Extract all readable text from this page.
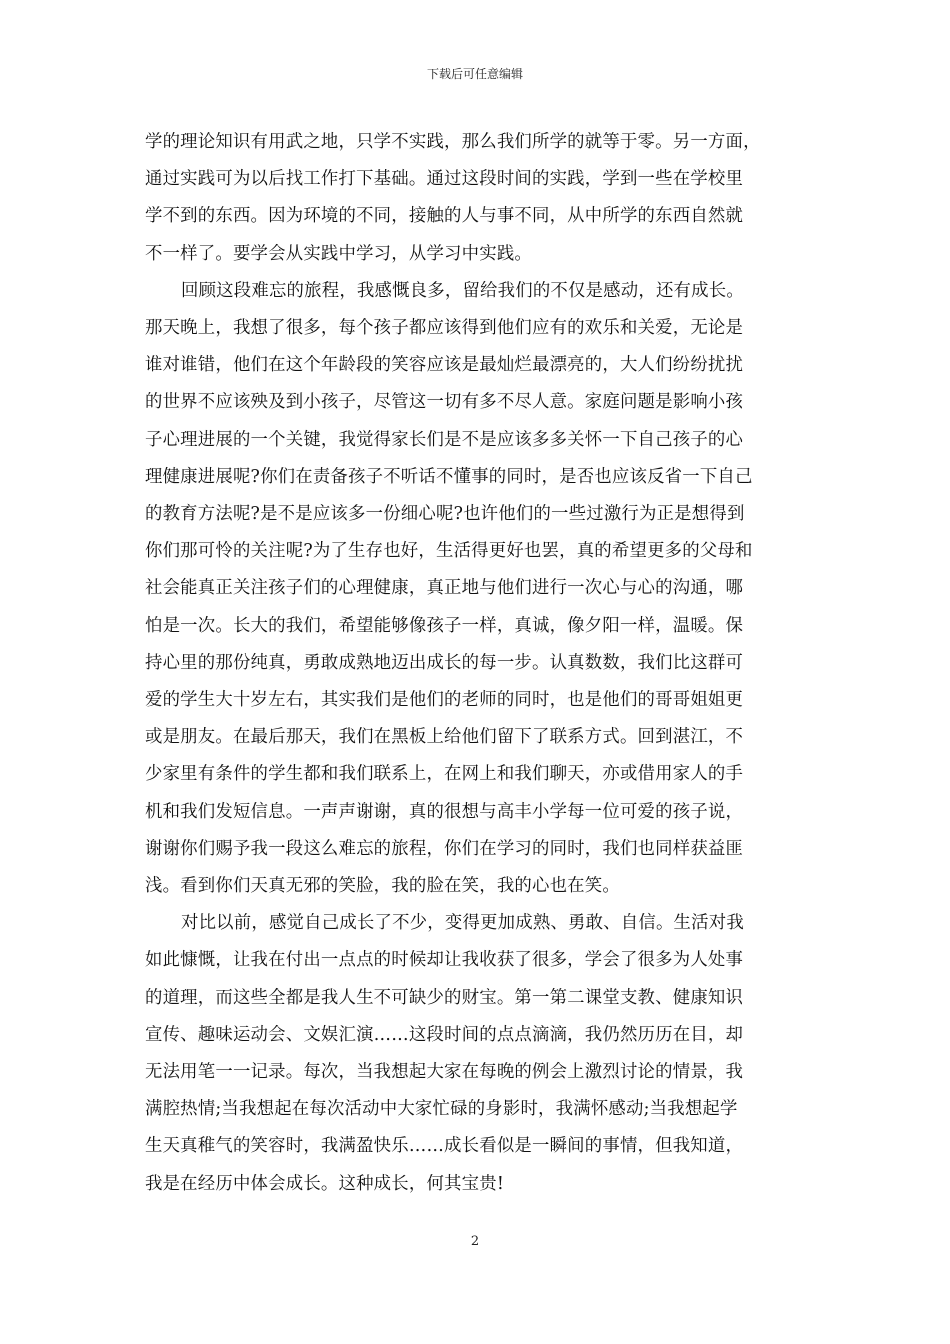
下载后可任意编辑
学的理论知识有用武之地，只学不实践，那么我们所学的就等于零。另一方面，
通过实践可为以后找工作打下基础。通过这段时间的实践，学到一些在学校里
学不到的东西。因为环境的不同，接触的人与事不同，从中所学的东西自然就
不一样了。要学会从实践中学习，从学习中实践。
回顾这段难忘的旅程，我感慨良多，留给我们的不仅是感动，还有成长。
那天晚上，我想了很多，每个孩子都应该得到他们应有的欢乐和关爱，无论是
谁对谁错，他们在这个年龄段的笑容应该是最灿烂最漂亮的，大人们纷纷扰扰
的世界不应该殃及到小孩子，尽管这一切有多不尽人意。家庭问题是影响小孩
子心理进展的一个关键，我觉得家长们是不是应该多多关怀一下自己孩子的心
理健康进展呢?你们在责备孩子不听话不懂事的同时，是否也应该反省一下自己
的教育方法呢?是不是应该多一份细心呢?也许他们的一些过激行为正是想得到
你们那可怜的关注呢?为了生存也好，生活得更好也罢，真的希望更多的父母和
社会能真正关注孩子们的心理健康，真正地与他们进行一次心与心的沟通，哪
怕是一次。长大的我们，希望能够像孩子一样，真诚，像夕阳一样，温暖。保
持心里的那份纯真，勇敢成熟地迈出成长的每一步。认真数数，我们比这群可
爱的学生大十岁左右，其实我们是他们的老师的同时，也是他们的哥哥姐姐更
或是朋友。在最后那天，我们在黑板上给他们留下了联系方式。回到湛江，不
少家里有条件的学生都和我们联系上，在网上和我们聊天，亦或借用家人的手
机和我们发短信息。一声声谢谢，真的很想与高丰小学每一位可爱的孩子说，
谢谢你们赐予我一段这么难忘的旅程，你们在学习的同时，我们也同样获益匪
浅。看到你们天真无邪的笑脸，我的脸在笑，我的心也在笑。
对比以前，感觉自己成长了不少，变得更加成熟、勇敢、自信。生活对我
如此慷慨，让我在付出一点点的时候却让我收获了很多，学会了很多为人处事
的道理，而这些全都是我人生不可缺少的财宝。第一第二课堂支教、健康知识
宣传、趣味运动会、文娱汇演……这段时间的点点滴滴，我仍然历历在目，却
无法用笔一一记录。每次，当我想起大家在每晚的例会上激烈讨论的情景，我
满腔热情;当我想起在每次活动中大家忙碌的身影时，我满怀感动;当我想起学
生天真稚气的笑容时，我满盈快乐……成长看似是一瞬间的事情，但我知道，
我是在经历中体会成长。这种成长，何其宝贵!
2
